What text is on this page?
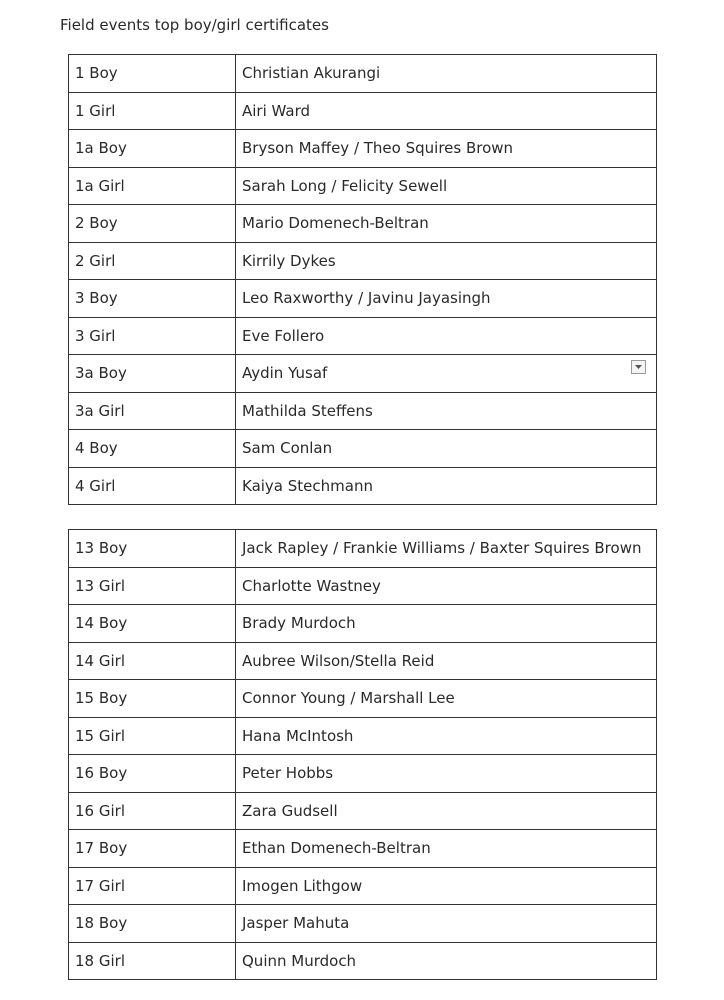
Field events top boy/girl certificates
1 Boy	Christian Akurangi
1 Girl	Airi Ward
1a Boy	Bryson Maffey / Theo Squires Brown
1a Girl	Sarah Long / Felicity Sewell
2 Boy	Mario Domenech-Beltran
2 Girl	Kirrily Dykes
3 Boy	Leo Raxworthy / Javinu Jayasingh
3 Girl	Eve Follero
3a Boy	Aydin Yusaf

3a Girl	Mathilda Steffens
4 Boy	Sam Conlan
4 Girl	Kaiya Stechmann
13 Boy	Jack Rapley / Frankie Williams / Baxter Squires Brown
13 Girl	Charlotte Wastney
14 Boy	Brady Murdoch
14 Girl	Aubree Wilson/Stella Reid
15 Boy	Connor Young / Marshall Lee
15 Girl	Hana McIntosh
16 Boy	Peter Hobbs
16 Girl	Zara Gudsell
17 Boy	Ethan Domenech-Beltran
17 Girl	Imogen Lithgow
18 Boy	Jasper Mahuta
18 Girl	Quinn Murdoch
